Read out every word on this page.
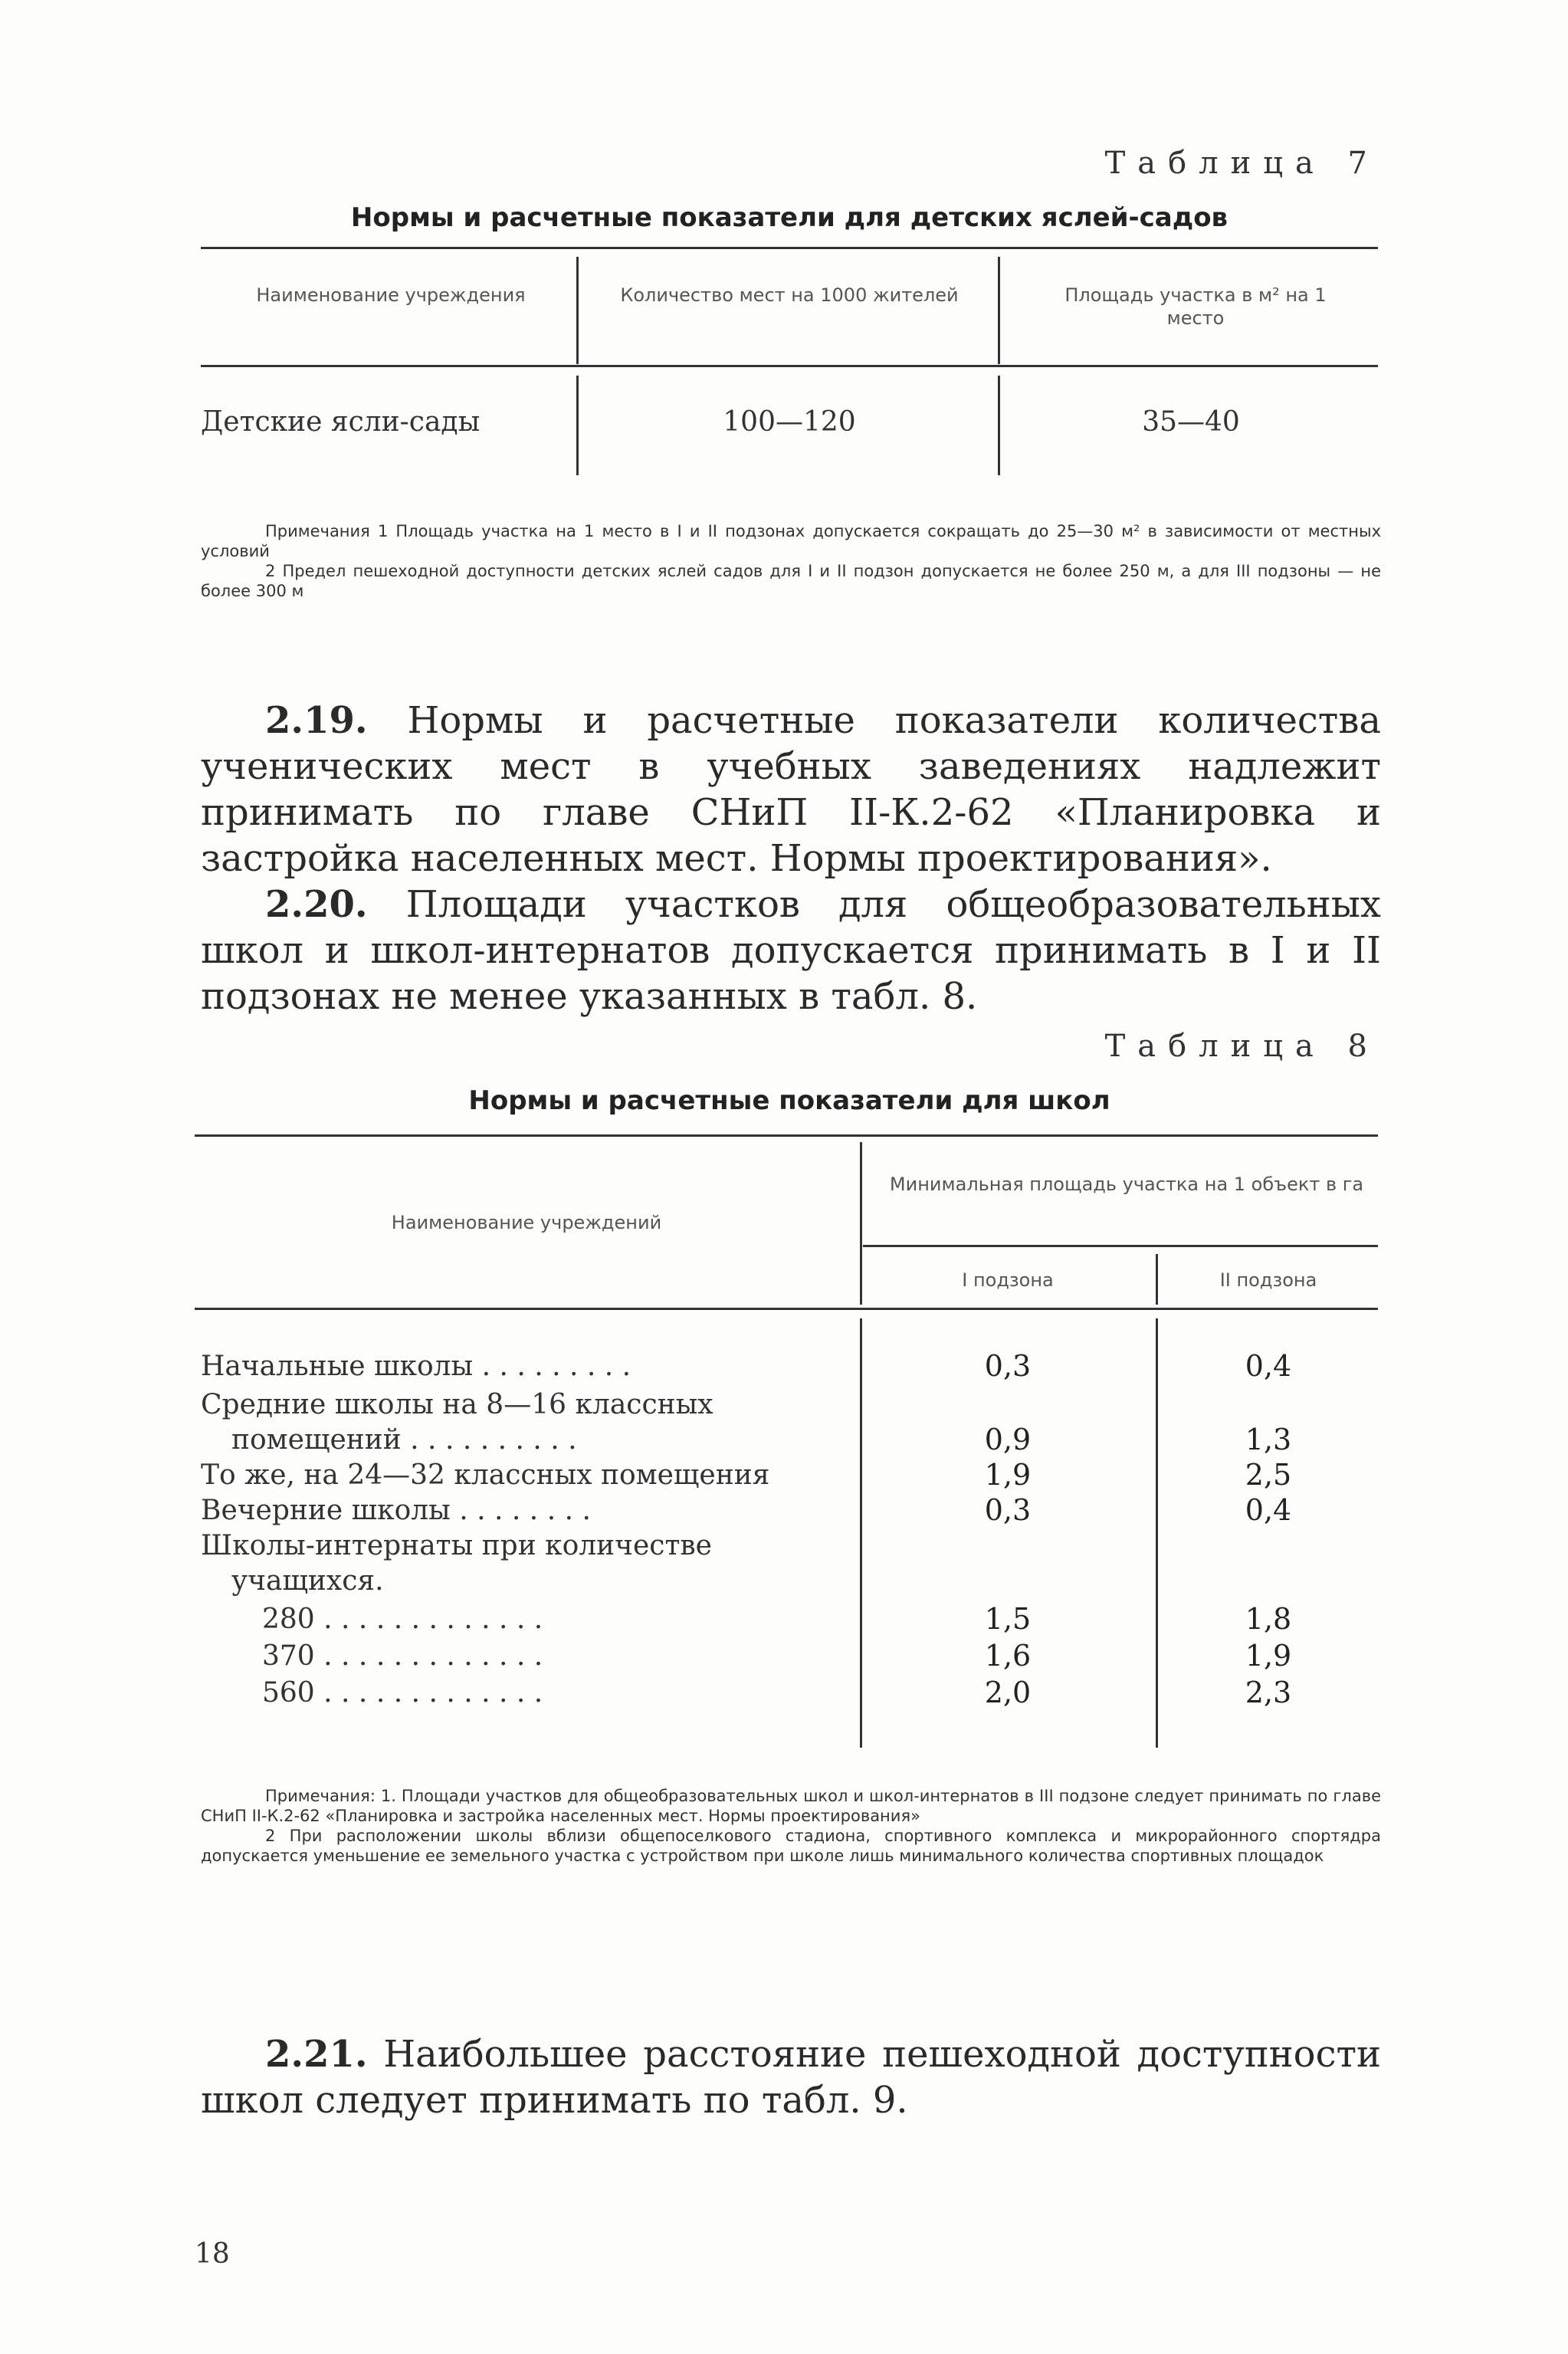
Таблица 7
Нормы и расчетные показатели для детских яслей-садов
Наименование учреждения	Количество мест на 1000 жителей	Площадь участка в м² на 1 место
Детские ясли-сады	100—120	35—40

Примечания 1 Площадь участка на 1 место в I и II подзонах допускается сокращать до 25—30 м² в зависимости от местных условий

2 Предел пешеходной доступности детских яслей садов для I и II подзон допускается не более 250 м, а для III подзоны — не более 300 м

2.19. Нормы и расчетные показатели количества ученических мест в учебных заведениях надлежит принимать по главе СНиП II-К.2-62 «Планировка и застройка населенных мест. Нормы проектирования».

2.20. Площади участков для общеобразовательных школ и школ-интернатов допускается принимать в I и II подзонах не менее указанных в табл. 8.

Таблица 8
Нормы и расчетные показатели для школ
Наименование учреждений
Минимальная площадь участка на 1 объект в га
I подзона	II подзона
Начальные школы . . . . . . . . .	0,3	0,4
Средние школы на 8—16 классных
помещений . . . . . . . . . .	0,9	1,3
То же, на 24—32 классных помещения	1,9	2,5
Вечерние школы . . . . . . . .	0,3	0,4
Школы-интернаты при количестве
учащихся.
280 . . . . . . . . . . . . .	1,5	1,8
370 . . . . . . . . . . . . .	1,6	1,9
560 . . . . . . . . . . . . .	2,0	2,3

Примечания: 1. Площади участков для общеобразовательных школ и школ-интернатов в III подзоне следует принимать по главе СНиП II-К.2-62 «Планировка и застройка населенных мест. Нормы проектирования»

2 При расположении школы вблизи общепоселкового стадиона, спортивного комплекса и микрорайонного спортядра допускается уменьшение ее земельного участка с устройством при школе лишь минимального количества спортивных площадок

2.21. Наибольшее расстояние пешеходной доступности школ следует принимать по табл. 9.

18
